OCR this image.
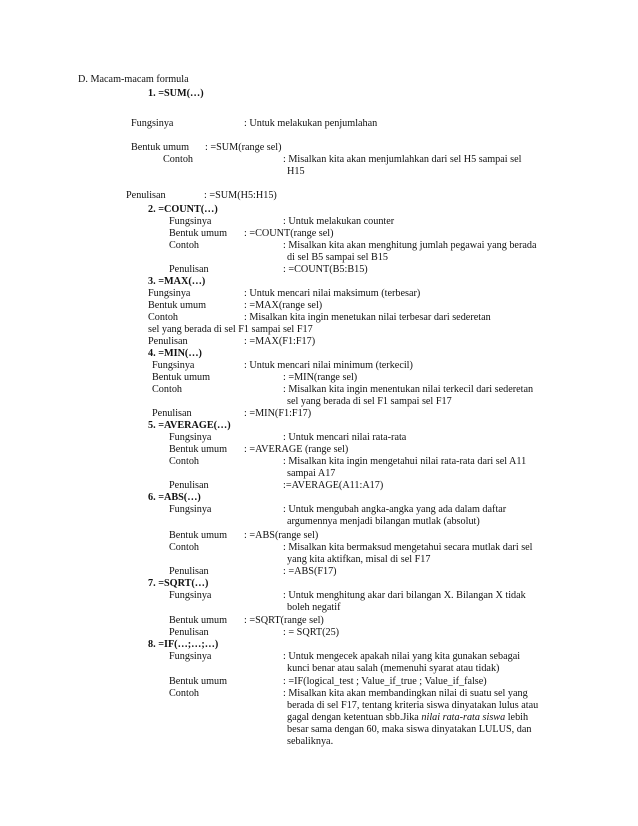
D. Macam-macam formula
1. =SUM(…)
Fungsinya	: Untuk melakukan penjumlahan
Bentuk umum : =SUM(range sel)
Contoh	: Misalkan kita akan menjumlahkan dari sel H5 sampai sel
H15
Penulisan	: =SUM(H5:H15)
2. =COUNT(…)
Fungsinya	: Untuk melakukan counter
Bentuk umum : =COUNT(range sel)
Contoh	: Misalkan kita akan menghitung jumlah pegawai yang berada
di sel B5 sampai sel B15
Penulisan	: =COUNT(B5:B15)
3. =MAX(…)
Fungsinya	: Untuk mencari nilai maksimum (terbesar)
Bentuk umum	: =MAX(range sel)
Contoh	: Misalkan kita ingin menetukan nilai terbesar dari sederetan
sel yang berada di sel F1 sampai sel F17
Penulisan	: =MAX(F1:F17)
4. =MIN(…)
Fungsinya	: Untuk mencari nilai minimum (terkecil)
Bentuk umum	: =MIN(range sel)
Contoh	: Misalkan kita ingin menentukan nilai terkecil dari sederetan
sel yang berada di sel F1 sampai sel F17
Penulisan	: =MIN(F1:F17)
5. =AVERAGE(…)
Fungsinya	: Untuk mencari nilai rata-rata
Bentuk umum : =AVERAGE (range sel)
Contoh	: Misalkan kita ingin mengetahui nilai rata-rata dari sel A11
sampai A17
Penulisan	:=AVERAGE(A11:A17)
6. =ABS(…)
Fungsinya	: Untuk mengubah angka-angka yang ada dalam daftar
argumennya menjadi bilangan mutlak (absolut)
Bentuk umum : =ABS(range sel)
Contoh	: Misalkan kita bermaksud mengetahui secara mutlak dari sel
yang kita aktifkan, misal di sel F17
Penulisan	: =ABS(F17)
7. =SQRT(…)
Fungsinya	: Untuk menghitung akar dari bilangan X. Bilangan X tidak
boleh negatif
Bentuk umum : =SQRT(range sel)
Penulisan	: = SQRT(25)
8. =IF(…;…;…)
Fungsinya	: Untuk mengecek apakah nilai yang kita gunakan sebagai
kunci benar atau salah (memenuhi syarat atau tidak)
Bentuk umum	: =IF(logical_test ; Value_if_true ; Value_if_false)
Contoh	: Misalkan kita akan membandingkan nilai di suatu sel yang
berada di sel F17, tentang kriteria siswa dinyatakan lulus atau
gagal dengan ketentuan sbb.Jika nilai rata-rata siswa lebih
besar sama dengan 60, maka siswa dinyatakan LULUS, dan
sebaliknya.
